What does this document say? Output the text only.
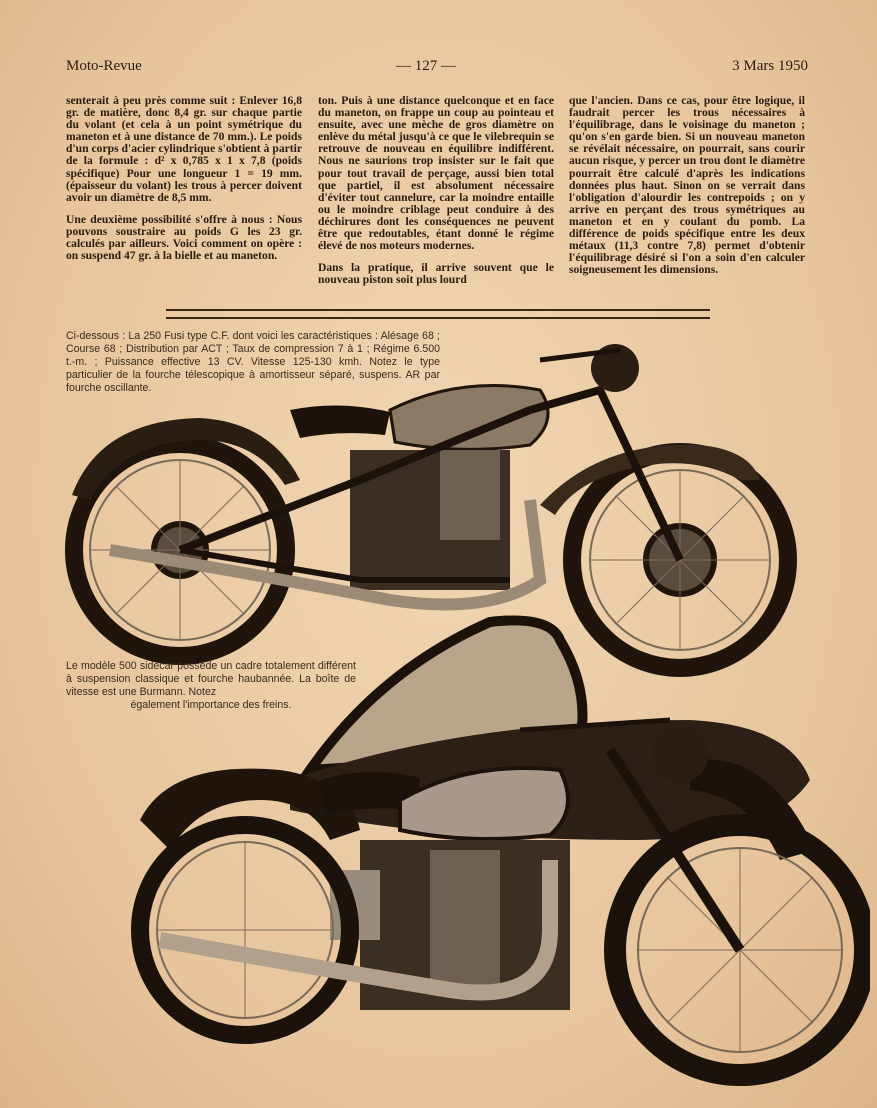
Moto-Revue	— 127 —	3 Mars 1950

senterait à peu près comme suit : Enlever 16,8 gr. de matière, donc 8,4 gr. sur chaque partie du volant (et cela à un point symétrique du maneton et à une distance de 70 mm.). Le poids d'un corps d'acier cylindrique s'obtient à partir de la formule : d² x 0,785 x 1 x 7,8 (poids spécifique) Pour une longueur 1 = 19 mm. (épaisseur du volant) les trous à percer doivent avoir un diamètre de 8,5 mm.

Une deuxième possibilité s'offre à nous : Nous pouvons soustraire au poids G les 23 gr. calculés par ailleurs. Voici comment on opère : on suspend 47 gr. à la bielle et au maneton.

ton. Puis à une distance quelconque et en face du maneton, on frappe un coup au pointeau et ensuite, avec une mèche de gros diamètre on enlève du métal jusqu'à ce que le vilebrequin se retrouve de nouveau en équilibre indifférent. Nous ne saurions trop insister sur le fait que pour tout travail de perçage, aussi bien total que partiel, il est absolument nécessaire d'éviter tout cannelure, car la moindre entaille ou le moindre criblage peut conduire à des déchirures dont les conséquences ne peuvent être que redoutables, étant donné le régime élevé de nos moteurs modernes.

Dans la pratique, il arrive souvent que le nouveau piston soit plus lourd

que l'ancien. Dans ce cas, pour être logique, il faudrait percer les trous nécessaires à l'équilibrage, dans le voisinage du maneton ; qu'on s'en garde bien. Si un nouveau maneton se révélait nécessaire, on pourrait, sans courir aucun risque, y percer un trou dont le diamètre pourrait être calculé d'après les indications données plus haut. Sinon on se verrait dans l'obligation d'alourdir les contrepoids ; on y arrive en perçant des trous symétriques au maneton et en y coulant du pomb. La différence de poids spécifique entre les deux métaux (11,3 contre 7,8) permet d'obtenir l'équilibrage désiré si l'on a soin d'en calculer soigneusement les dimensions.

Ci-dessous : La 250 Fusi type C.F. dont voici les caractéristiques : Alésage 68 ; Course 68 ; Distribution par ACT ; Taux de compression 7 à 1 ; Régime 6.500 t.-m. ; Puissance effective 13 CV. Vitesse 125-130 kmh. Notez le type particulier de la fourche télescopique à amortisseur séparé, suspens. AR par fourche oscillante.

Le modèle 500 sidecar possède un cadre totalement différent à suspension classique et fourche haubannée. La boîte de vitesse est une Burmann. Notez

également l'importance des freins.
